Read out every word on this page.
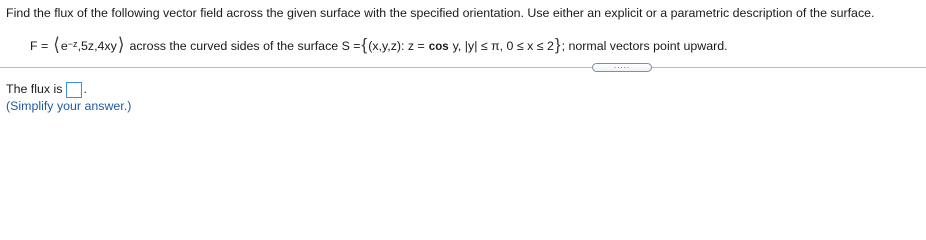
Find the flux of the following vector field across the given surface with the specified orientation. Use either an explicit or a parametric description of the surface.
F = ⟨ $e^{-z}$ ,5z,4xy ⟩ across the curved sides of the surface S = { (x,y,z): z = cos y, |y| ≤ π, 0 ≤ x ≤ 2 } ; normal vectors point upward.
.....
The flux is .
(Simplify your answer.)
